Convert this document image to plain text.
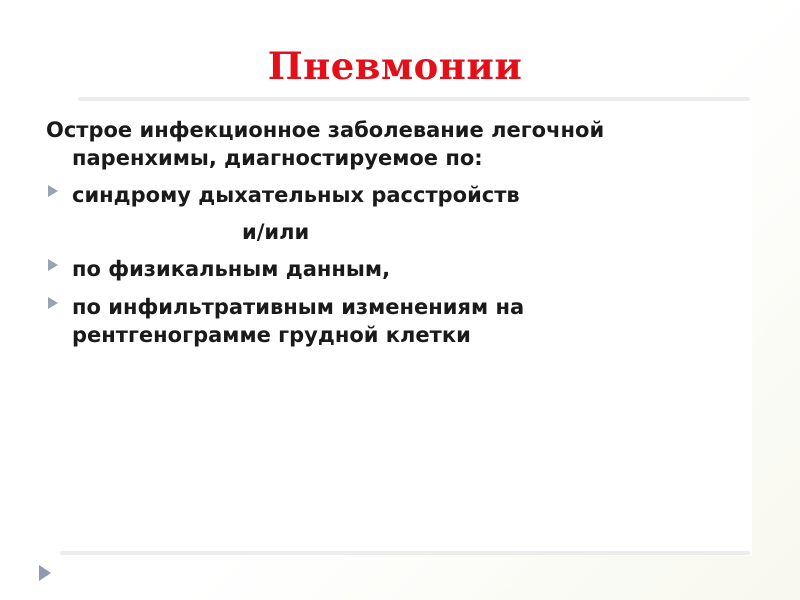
Пневмонии
Острое инфекционное заболевание легочной
паренхимы, диагностируемое по:
синдрому дыхательных расстройств
и/или
по физикальным данным,
по инфильтративным изменениям на
рентгенограмме грудной клетки
